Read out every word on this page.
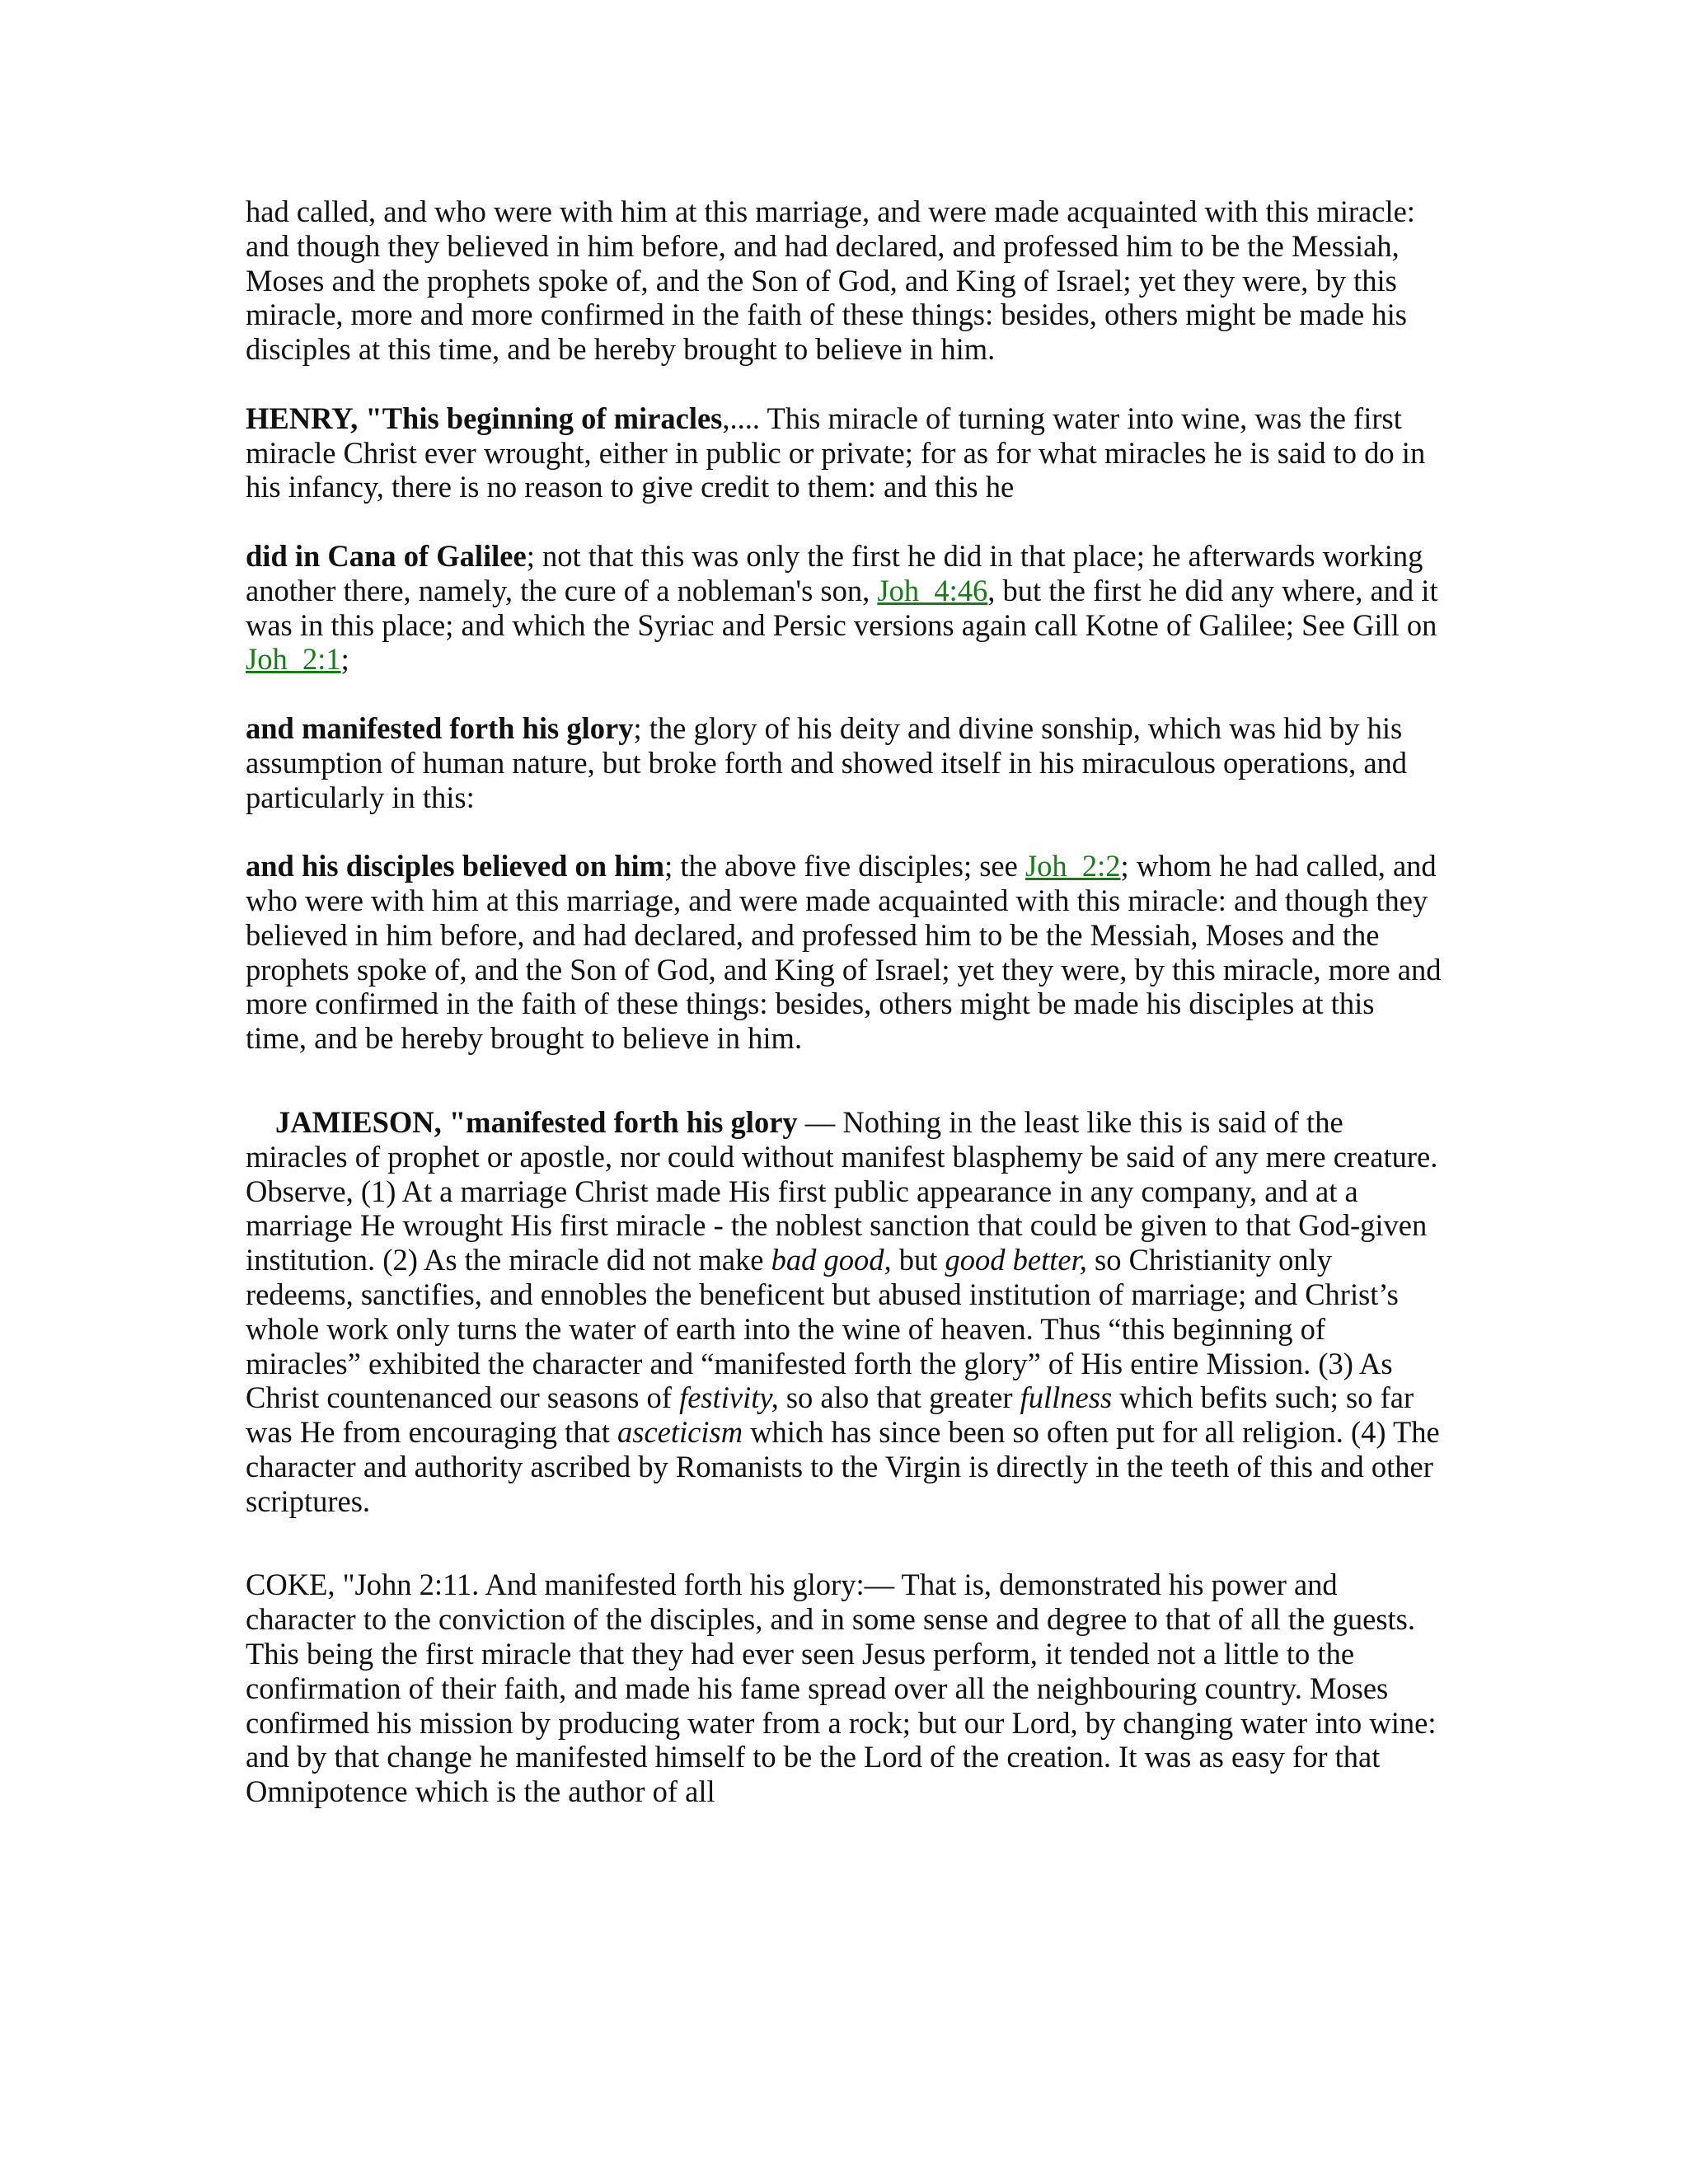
had called, and who were with him at this marriage, and were made acquainted with this miracle: and though they believed in him before, and had declared, and professed him to be the Messiah, Moses and the prophets spoke of, and the Son of God, and King of Israel; yet they were, by this miracle, more and more confirmed in the faith of these things: besides, others might be made his disciples at this time, and be hereby brought to believe in him.

HENRY, "This beginning of miracles,.... This miracle of turning water into wine, was the first miracle Christ ever wrought, either in public or private; for as for what miracles he is said to do in his infancy, there is no reason to give credit to them: and this he

did in Cana of Galilee; not that this was only the first he did in that place; he afterwards working another there, namely, the cure of a nobleman's son, Joh  4:46, but the first he did any where, and it was in this place; and which the Syriac and Persic versions again call Kotne of Galilee; See Gill on Joh  2:1;

and manifested forth his glory; the glory of his deity and divine sonship, which was hid by his assumption of human nature, but broke forth and showed itself in his miraculous operations, and particularly in this:

and his disciples believed on him; the above five disciples; see Joh  2:2; whom he had called, and who were with him at this marriage, and were made acquainted with this miracle: and though they believed in him before, and had declared, and professed him to be the Messiah, Moses and the prophets spoke of, and the Son of God, and King of Israel; yet they were, by this miracle, more and more confirmed in the faith of these things: besides, others might be made his disciples at this time, and be hereby brought to believe in him.

JAMIESON, "manifested forth his glory — Nothing in the least like this is said of the miracles of prophet or apostle, nor could without manifest blasphemy be said of any mere creature. Observe, (1) At a marriage Christ made His first public appearance in any company, and at a marriage He wrought His first miracle - the noblest sanction that could be given to that God-given institution. (2) As the miracle did not make bad good, but good better, so Christianity only redeems, sanctifies, and ennobles the beneficent but abused institution of marriage; and Christ’s whole work only turns the water of earth into the wine of heaven. Thus “this beginning of miracles” exhibited the character and “manifested forth the glory” of His entire Mission. (3) As Christ countenanced our seasons of festivity, so also that greater fullness which befits such; so far was He from encouraging that asceticism which has since been so often put for all religion. (4) The character and authority ascribed by Romanists to the Virgin is directly in the teeth of this and other scriptures.

COKE, "John 2:11. And manifested forth his glory:— That is, demonstrated his power and character to the conviction of the disciples, and in some sense and degree to that of all the guests. This being the first miracle that they had ever seen Jesus perform, it tended not a little to the confirmation of their faith, and made his fame spread over all the neighbouring country. Moses confirmed his mission by producing water from a rock; but our Lord, by changing water into wine: and by that change he manifested himself to be the Lord of the creation. It was as easy for that Omnipotence which is the author of all
